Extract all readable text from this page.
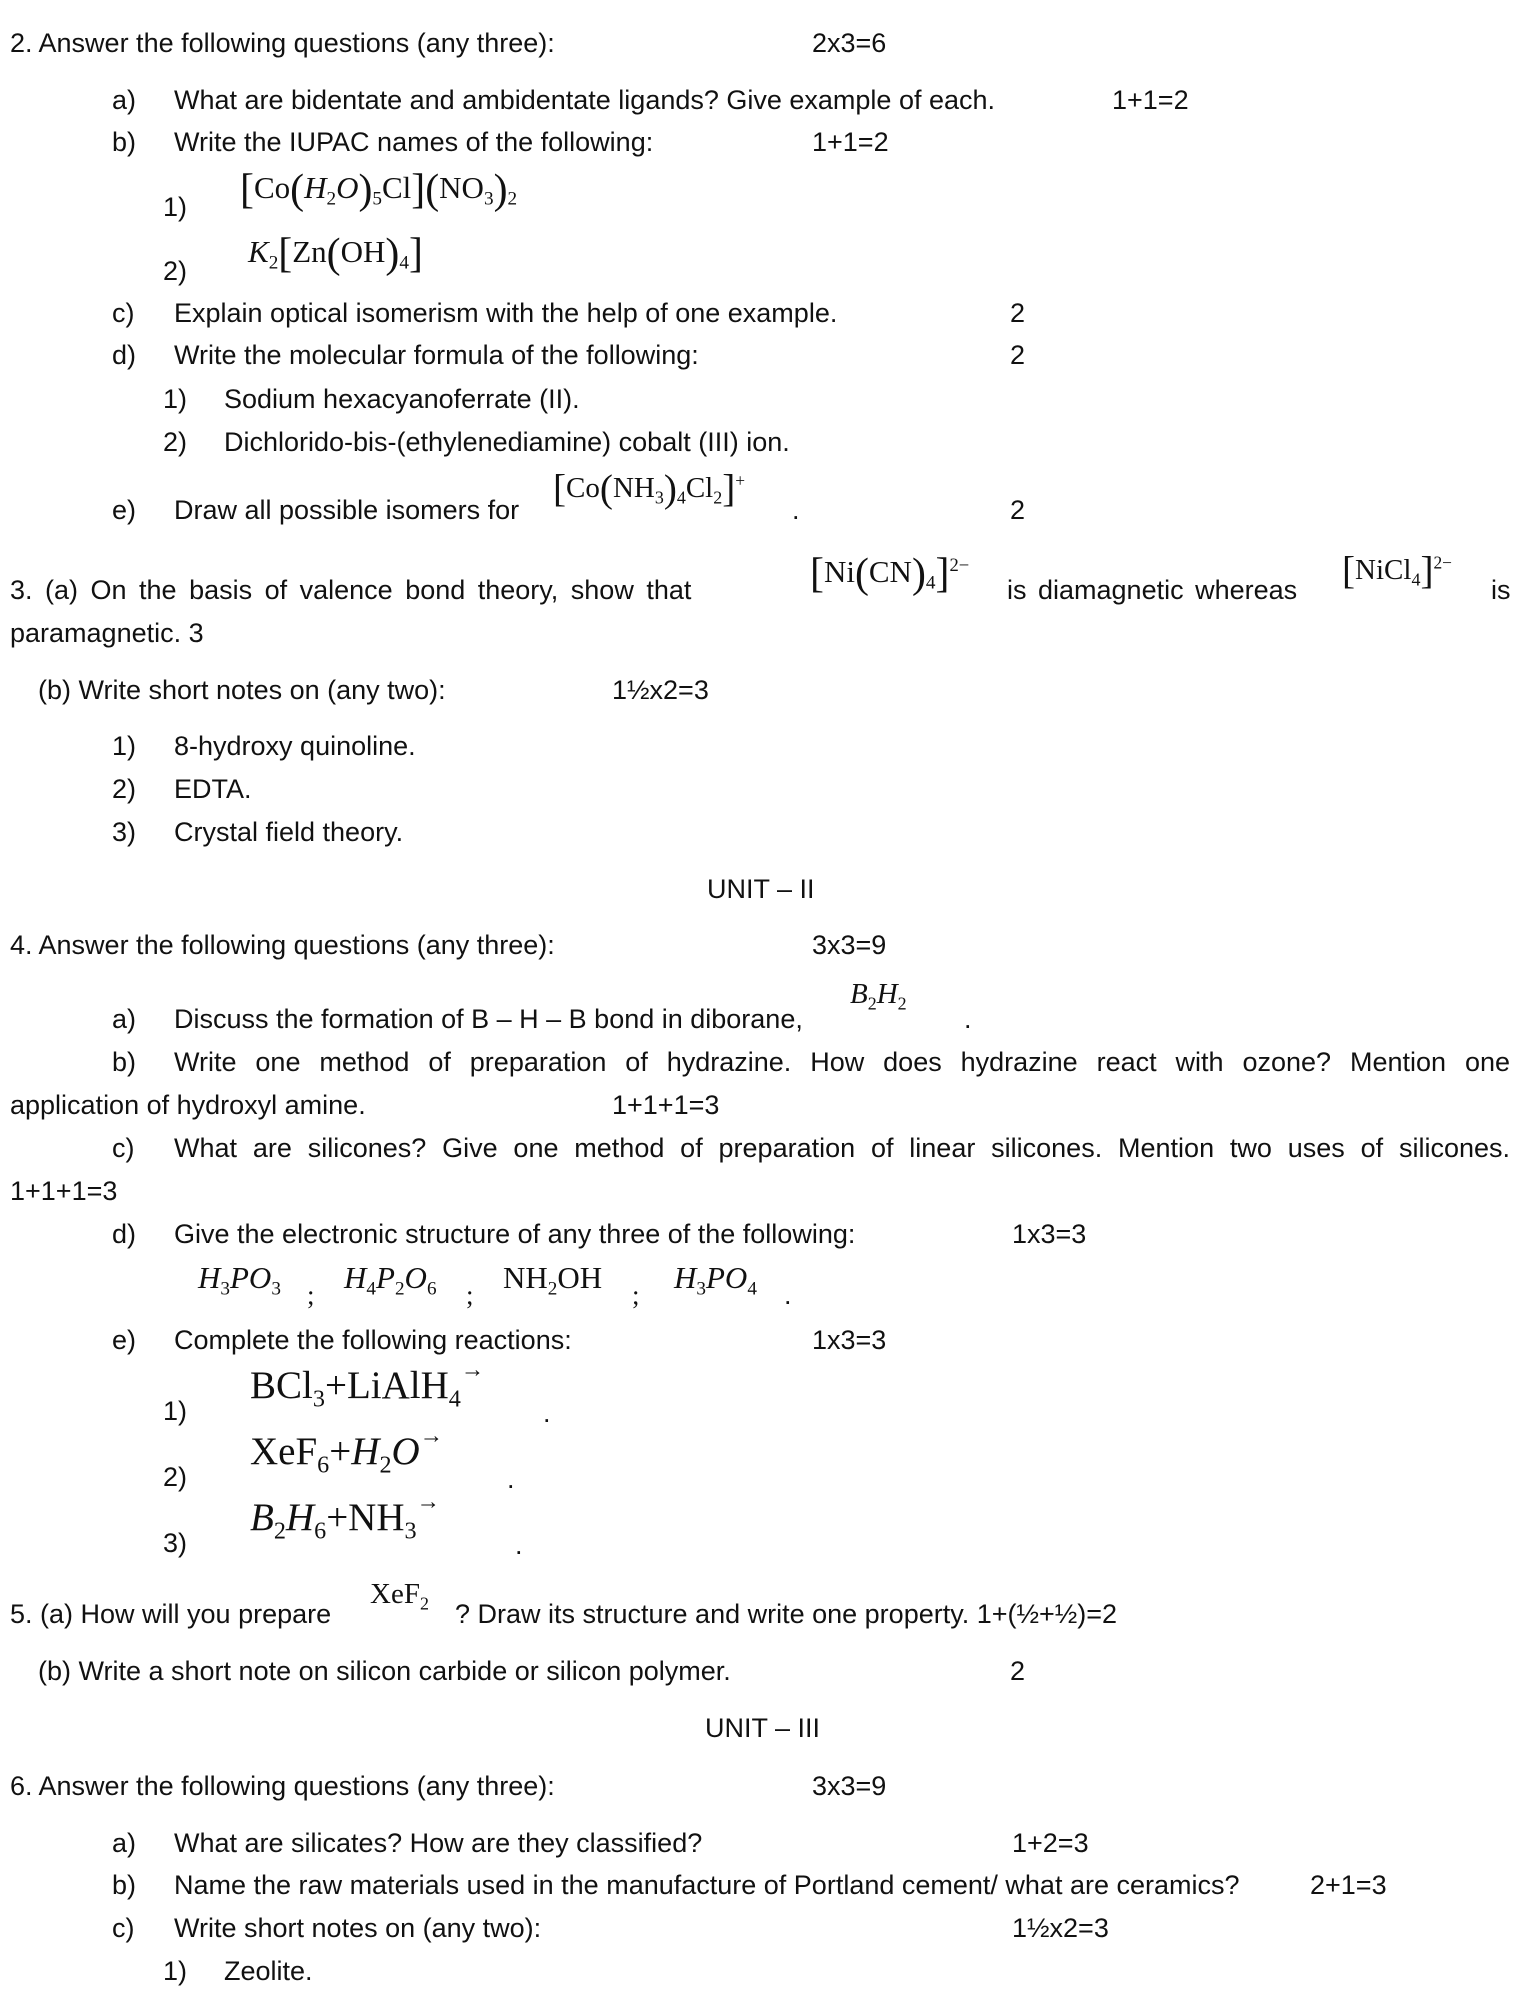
2. Answer the following questions (any three):	2x3=6
a) What are bidentate and ambidentate ligands? Give example of each.	1+1=2
b) Write the IUPAC names of the following:	1+1=2
1) $[Co(H_2O)_5Cl](NO_3)_2$
2)
$K_2[Zn(OH)_4]$
c) Explain optical isomerism with the help of one example.	2
d) Write the molecular formula of the following:	2
1) Sodium hexacyanoferrate (II).
2) Dichlorido-bis-(ethylenediamine) cobalt (III) ion.
e) Draw all possible isomers for $[Co(NH_3)_4Cl_2]^+$
.	2
3. (a) On the basis of valence bond theory, show that	$[Ni(CN)_4]^{2-}$
is diamagnetic whereas [NiCl$_4$]$^{2-}$
is
paramagnetic. 3
(b) Write short notes on (any two):	1½x2=3
1) 8-hydroxy quinoline.
2) EDTA.
3) Crystal field theory.
UNIT – II
4. Answer the following questions (any three):	3x3=9
a) Discuss the formation of B – H – B bond in diborane,
$B_2H_2$
.
b) Write one method of preparation of hydrazine. How does hydrazine react with ozone? Mention one
application of hydroxyl amine.	1+1+1=3
c) What are silicones? Give one method of preparation of linear silicones. Mention two uses of silicones.
1+1+1=3
d) Give the electronic structure of any three of the following:	1x3=3
$H_3PO_3$ ; $H_4P_2O_6$ ; $NH_2OH$ ; $H_3PO_4$ .
e) Complete the following reactions:	1x3=3
1)
BCl$_3$+LiAlH$_4$→
.
2)
$XeF_6+H_2O^\to$
.
3)
$B_2H_6+NH_3^\to$
.
5. (a) How will you prepare
XeF$_2$ ? Draw its structure and write one property. 1+(½+½)=2
(b) Write a short note on silicon carbide or silicon polymer.	2
UNIT – III
6. Answer the following questions (any three):	3x3=9
a) What are silicates? How are they classified?	1+2=3
b) Name the raw materials used in the manufacture of Portland cement/ what are ceramics?	2+1=3
c) Write short notes on (any two):	1½x2=3
1) Zeolite.
